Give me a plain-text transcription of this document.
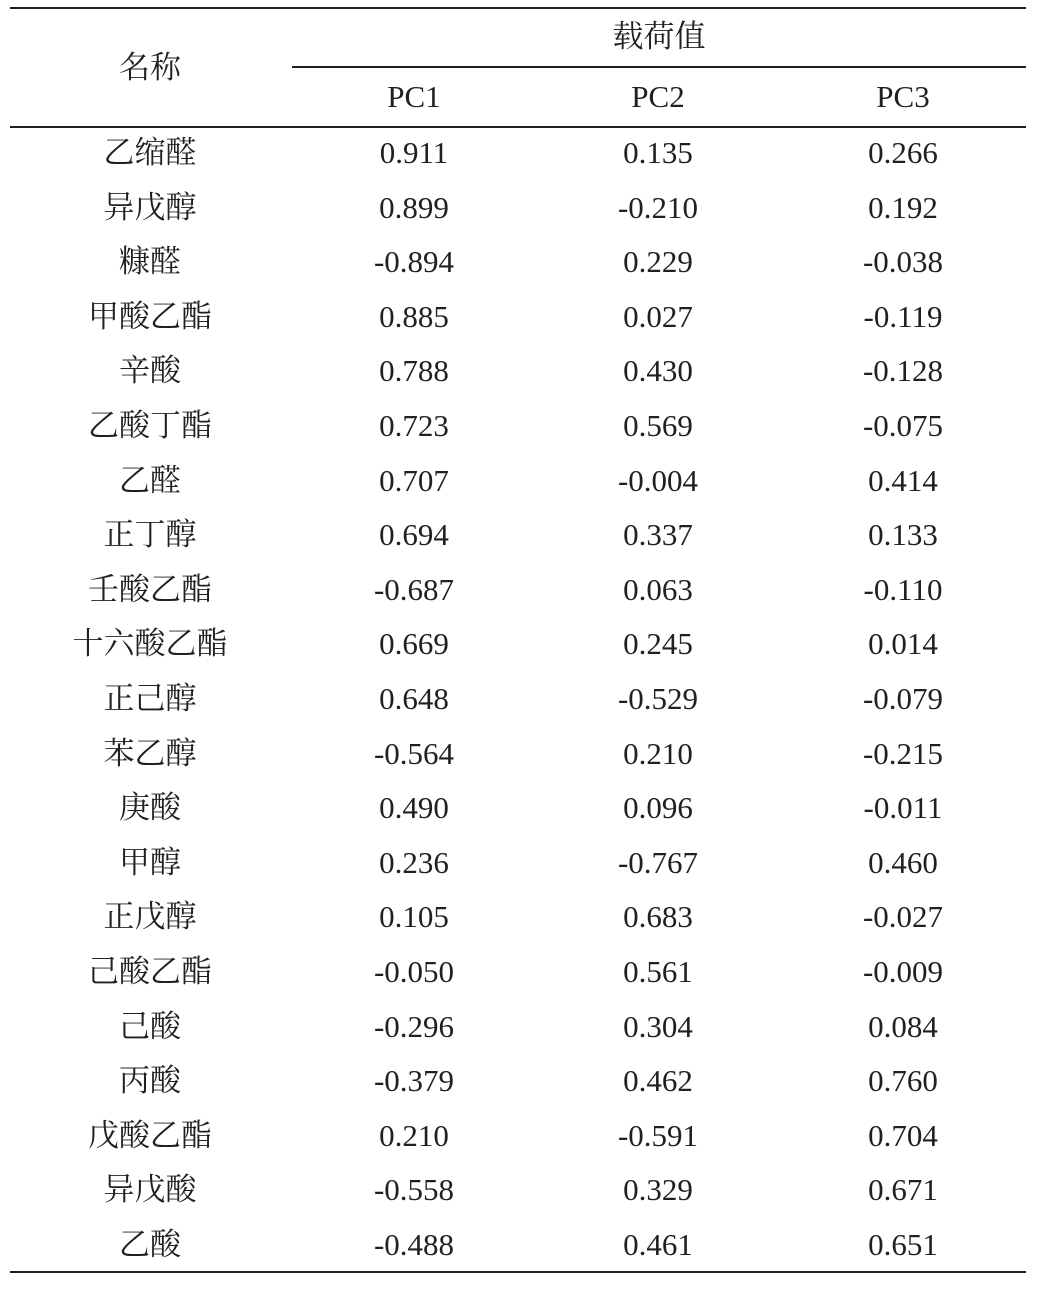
名称
载荷值
PC1	PC2	PC3
乙缩醛	0.911	0.135	0.266
异戊醇	0.899	-0.210	0.192
糠醛	-0.894	0.229	-0.038
甲酸乙酯	0.885	0.027	-0.119
辛酸	0.788	0.430	-0.128
乙酸丁酯	0.723	0.569	-0.075
乙醛	0.707	-0.004	0.414
正丁醇	0.694	0.337	0.133
壬酸乙酯	-0.687	0.063	-0.110
十六酸乙酯	0.669	0.245	0.014
正己醇	0.648	-0.529	-0.079
苯乙醇	-0.564	0.210	-0.215
庚酸	0.490	0.096	-0.011
甲醇	0.236	-0.767	0.460
正戊醇	0.105	0.683	-0.027
己酸乙酯	-0.050	0.561	-0.009
己酸	-0.296	0.304	0.084
丙酸	-0.379	0.462	0.760
戊酸乙酯	0.210	-0.591	0.704
异戊酸	-0.558	0.329	0.671
乙酸	-0.488	0.461	0.651
